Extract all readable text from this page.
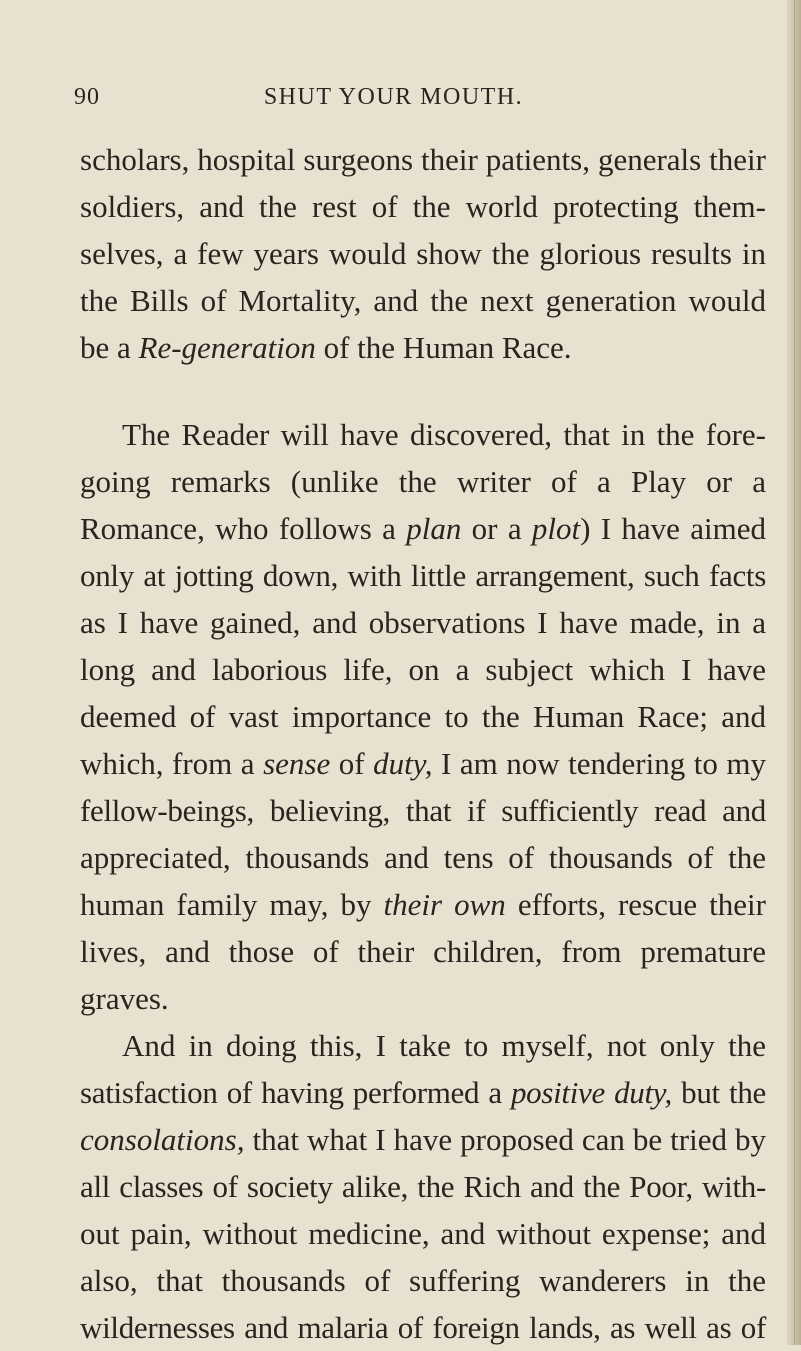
90	SHUT YOUR MOUTH.
scholars, hospital surgeons their patients, generals their
soldiers, and the rest of the world protecting them-
selves, a few years would show the glorious results in
the Bills of Mortality, and the next generation would
be a Re-generation of the Human Race.
The Reader will have discovered, that in the fore-
going remarks (unlike the writer of a Play or a
Romance, who follows a plan or a plot) I have aimed
only at jotting down, with little arrangement, such facts
as I have gained, and observations I have made, in a
long and laborious life, on a subject which I have
deemed of vast importance to the Human Race; and
which, from a sense of duty, I am now tendering to my
fellow-beings, believing, that if sufficiently read and
appreciated, thousands and tens of thousands of the
human family may, by their own efforts, rescue their
lives, and those of their children, from premature
graves.
And in doing this, I take to myself, not only the
satisfaction of having performed a positive duty, but the
consolations, that what I have proposed can be tried by
all classes of society alike, the Rich and the Poor, with-
out pain, without medicine, and without expense; and
also, that thousands of suffering wanderers in the
wildernesses and malaria of foreign lands, as well as of
